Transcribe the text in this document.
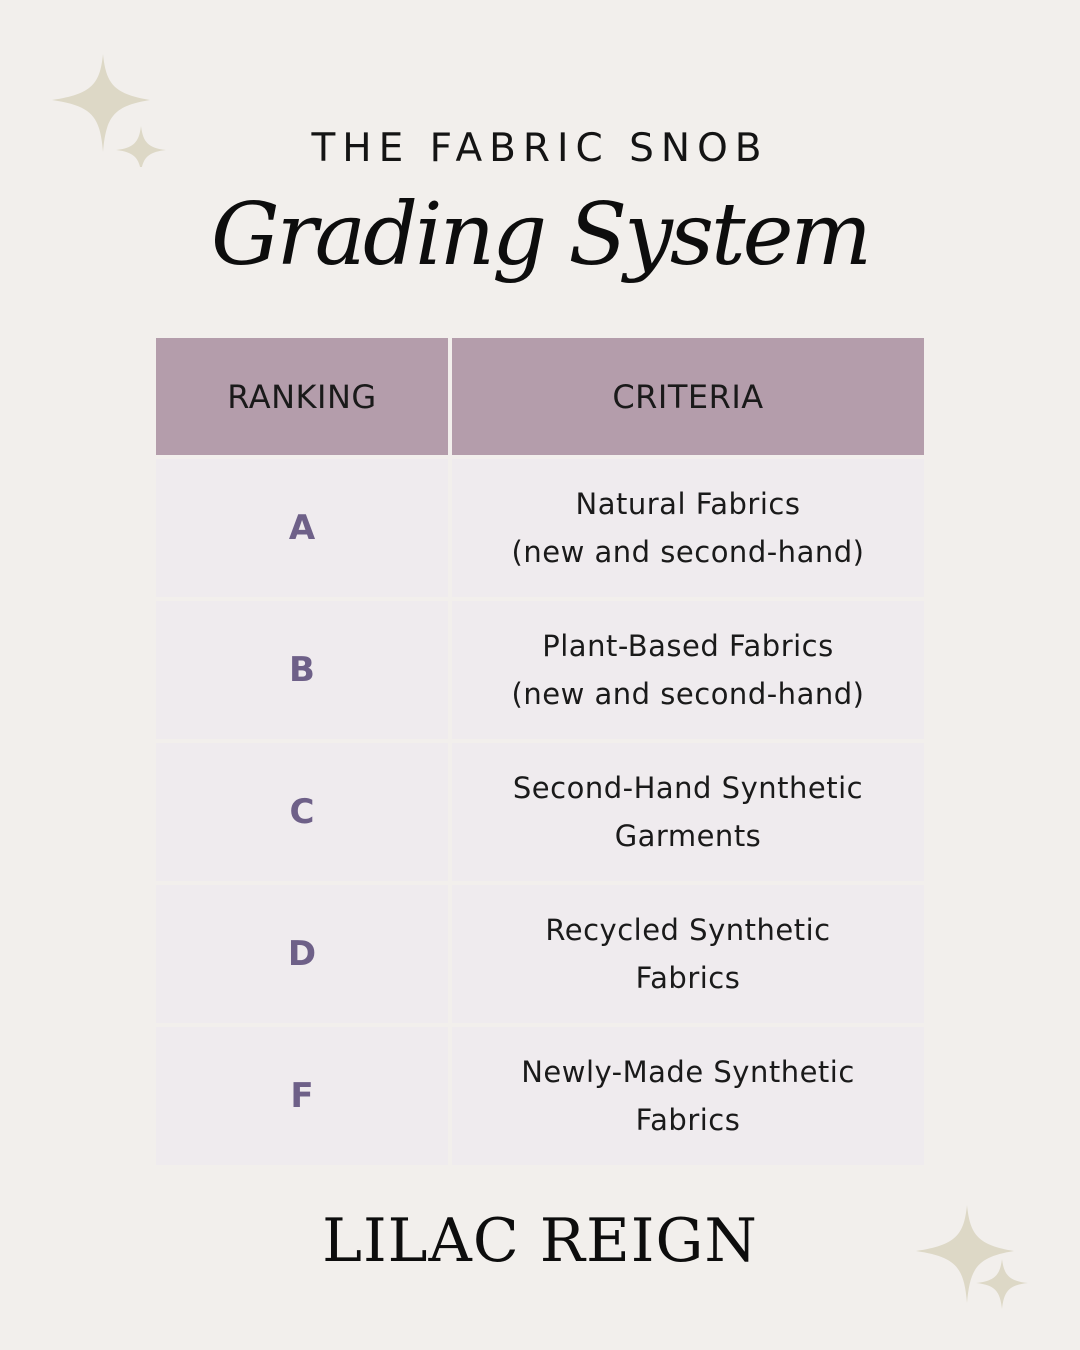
THE FABRIC SNOB
Grading System
RANKING	CRITERIA
A
Natural Fabrics
(new and second-hand)
B
Plant-Based Fabrics
(new and second-hand)
C
Second-Hand Synthetic
Garments
D
Recycled Synthetic
Fabrics
F
Newly-Made Synthetic
Fabrics
LILAC REIGN
